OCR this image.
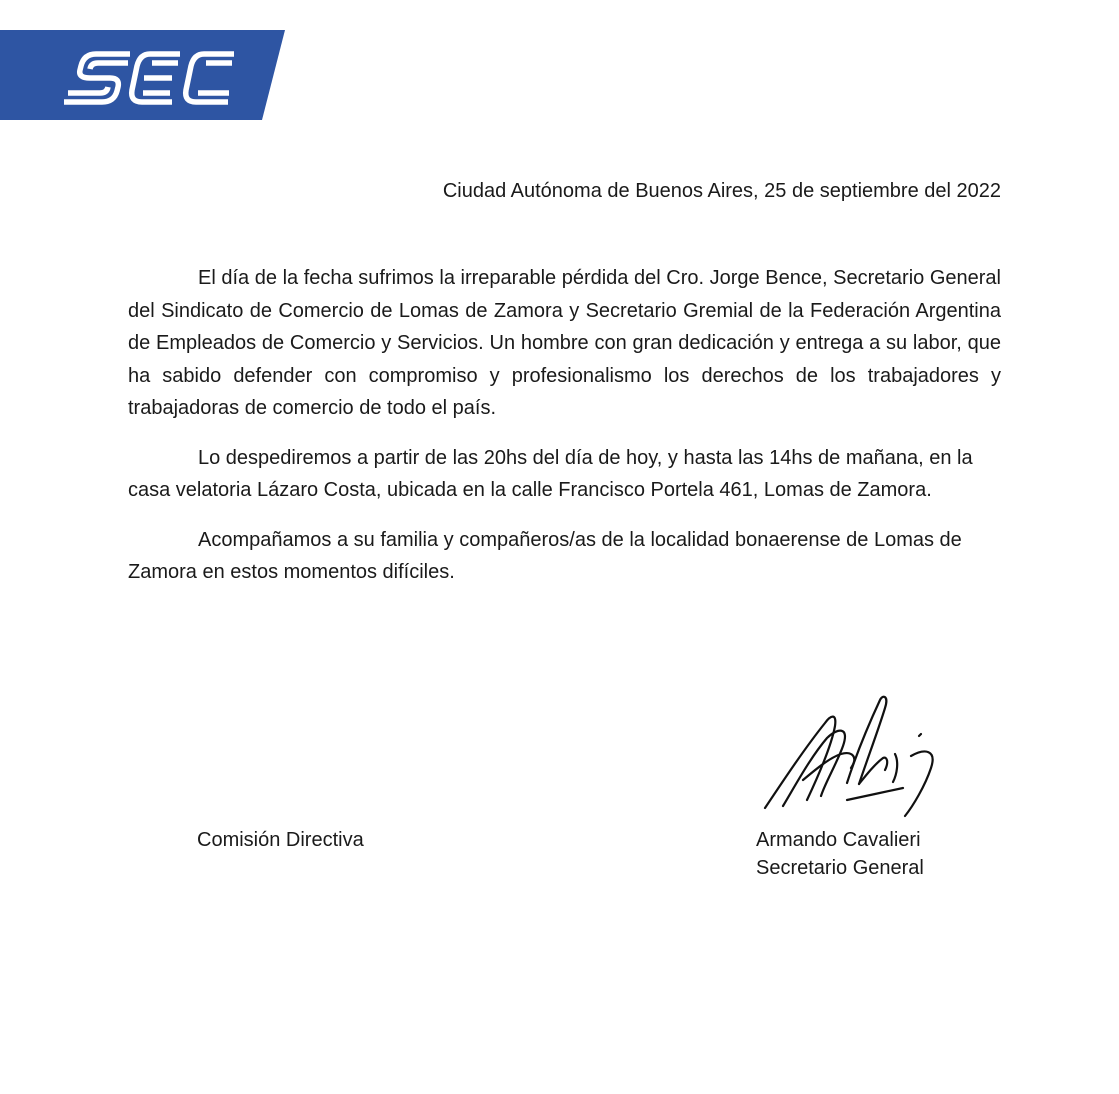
Ciudad Autónoma de Buenos Aires, 25 de septiembre del 2022

El día de la fecha sufrimos la irreparable pérdida del Cro. Jorge Bence, Secretario General del Sindicato de Comercio de Lomas de Zamora y Secretario Gremial de la Federación Argentina de Empleados de Comercio y Servicios. Un hombre con gran dedicación y entrega a su labor, que ha sabido defender con compromiso y profesionalismo los derechos de los trabajadores y trabajadoras de comercio de todo el país.

Lo despediremos a partir de las 20hs del día de hoy, y hasta las 14hs de mañana, en la casa velatoria Lázaro Costa, ubicada en la calle Francisco Portela 461, Lomas de Zamora.

Acompañamos a su familia y compañeros/as de la localidad bonaerense de Lomas de Zamora en estos momentos difíciles.

Comisión Directiva	Armando Cavalieri
Secretario General
